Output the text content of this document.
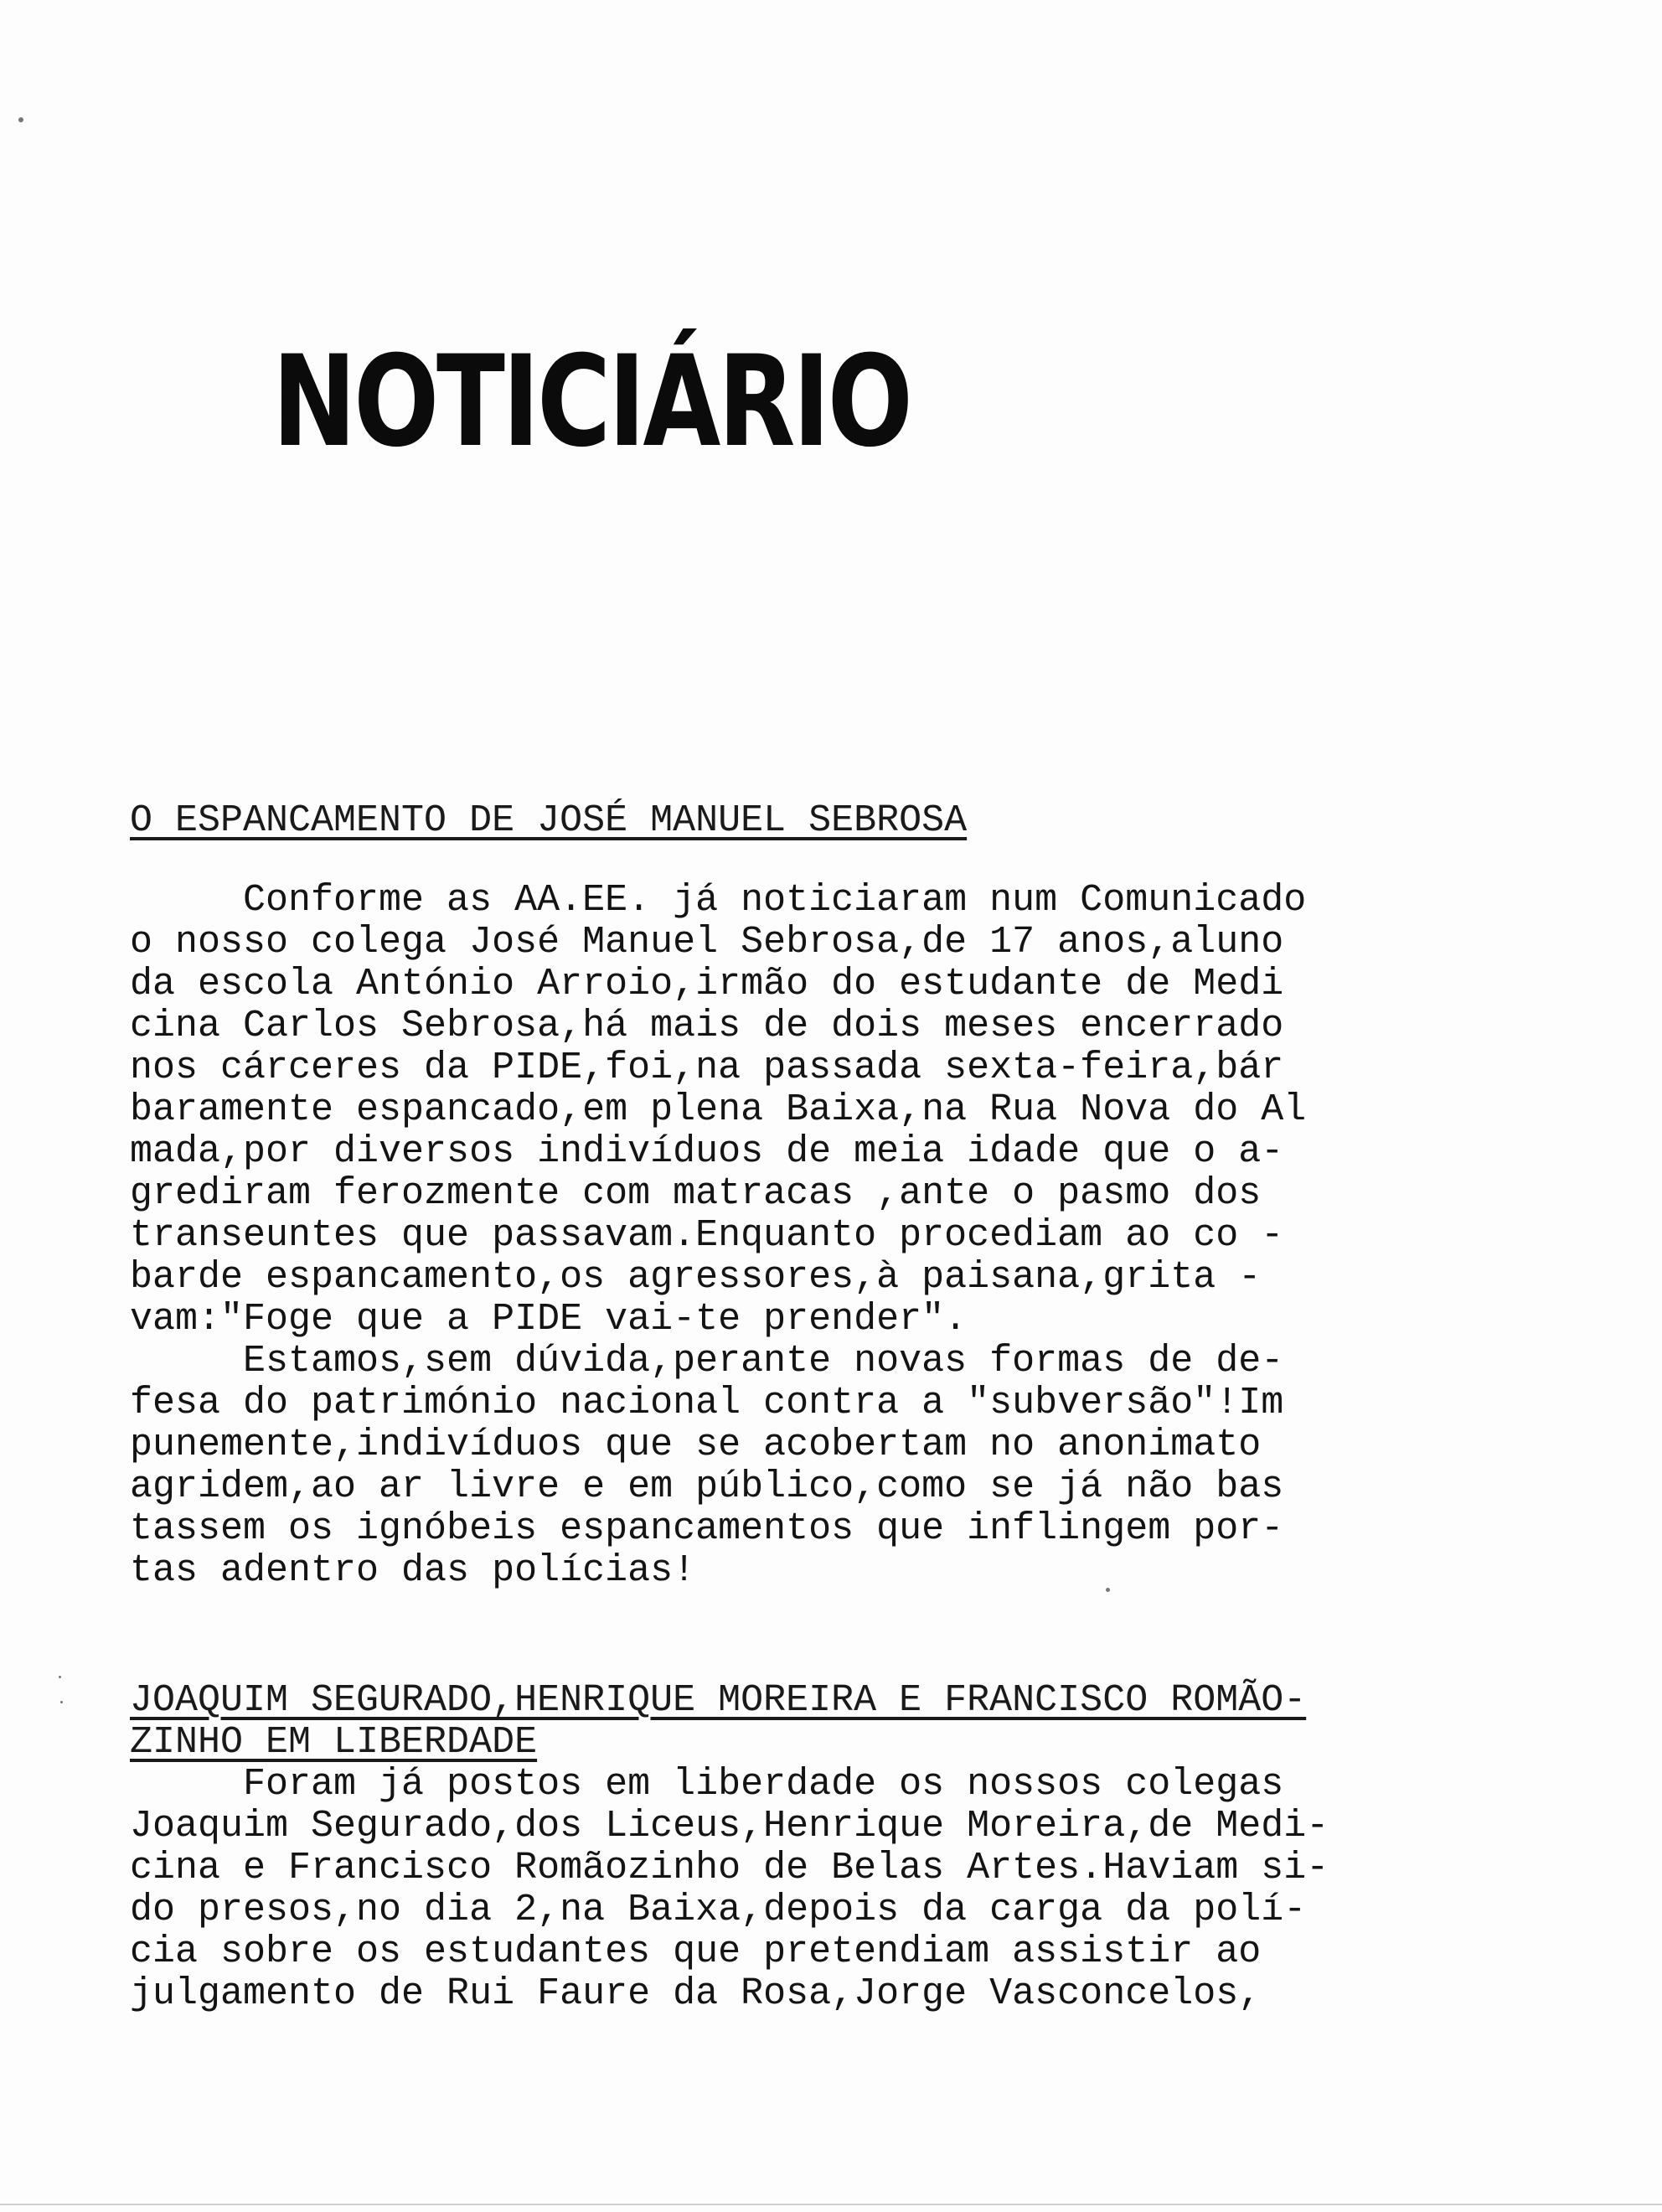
NOTICIÁRIO
O ESPANCAMENTO DE JOSÉ MANUEL SEBROSA
Conforme as AA.EE. já noticiaram num Comunicado
o nosso colega José Manuel Sebrosa,de 17 anos,aluno
da escola António Arroio,irmão do estudante de Medi
cina Carlos Sebrosa,há mais de dois meses encerrado
nos cárceres da PIDE,foi,na passada sexta-feira,bár
baramente espancado,em plena Baixa,na Rua Nova do Al
mada,por diversos indivíduos de meia idade que o a-
grediram ferozmente com matracas ,ante o pasmo dos
transeuntes que passavam.Enquanto procediam ao co -
barde espancamento,os agressores,à paisana,grita -
vam:"Foge que a PIDE vai-te prender".
Estamos,sem dúvida,perante novas formas de de-
fesa do património nacional contra a "subversão"!Im
punemente,indivíduos que se acobertam no anonimato
agridem,ao ar livre e em público,como se já não bas
tassem os ignóbeis espancamentos que inflingem por-
tas adentro das polícias!
JOAQUIM SEGURADO,HENRIQUE MOREIRA E FRANCISCO ROMÃO-
ZINHO EM LIBERDADE
Foram já postos em liberdade os nossos colegas
Joaquim Segurado,dos Liceus,Henrique Moreira,de Medi-
cina e Francisco Romãozinho de Belas Artes.Haviam si-
do presos,no dia 2,na Baixa,depois da carga da polí-
cia sobre os estudantes que pretendiam assistir ao
julgamento de Rui Faure da Rosa,Jorge Vasconcelos,
